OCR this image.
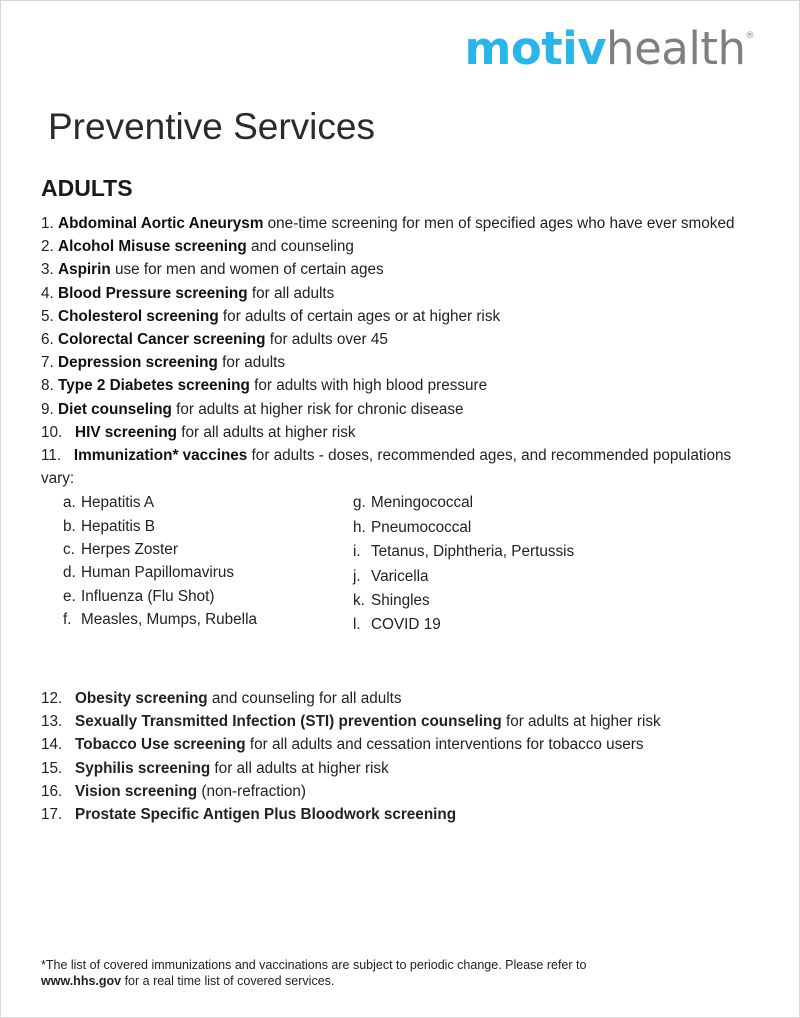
motivhealth®
Preventive Services
ADULTS
1. Abdominal Aortic Aneurysm one-time screening for men of specified ages who have ever smoked
2. Alcohol Misuse screening and counseling
3. Aspirin use for men and women of certain ages
4. Blood Pressure screening for all adults
5. Cholesterol screening for adults of certain ages or at higher risk
6. Colorectal Cancer screening for adults over 45
7. Depression screening for adults
8. Type 2 Diabetes screening for adults with high blood pressure
9. Diet counseling for adults at higher risk for chronic disease
10. HIV screening for all adults at higher risk
11. Immunization* vaccines for adults - doses, recommended ages, and recommended populations vary:
a. Hepatitis A
b. Hepatitis B
c. Herpes Zoster
d. Human Papillomavirus
e. Influenza (Flu Shot)
f. Measles, Mumps, Rubella
g. Meningococcal
h. Pneumococcal
i. Tetanus, Diphtheria, Pertussis
j. Varicella
k. Shingles
l. COVID 19
12. Obesity screening and counseling for all adults
13. Sexually Transmitted Infection (STI) prevention counseling for adults at higher risk
14. Tobacco Use screening for all adults and cessation interventions for tobacco users
15. Syphilis screening for all adults at higher risk
16. Vision screening (non-refraction)
17. Prostate Specific Antigen Plus Bloodwork screening
*The list of covered immunizations and vaccinations are subject to periodic change. Please refer to
www.hhs.gov for a real time list of covered services.
